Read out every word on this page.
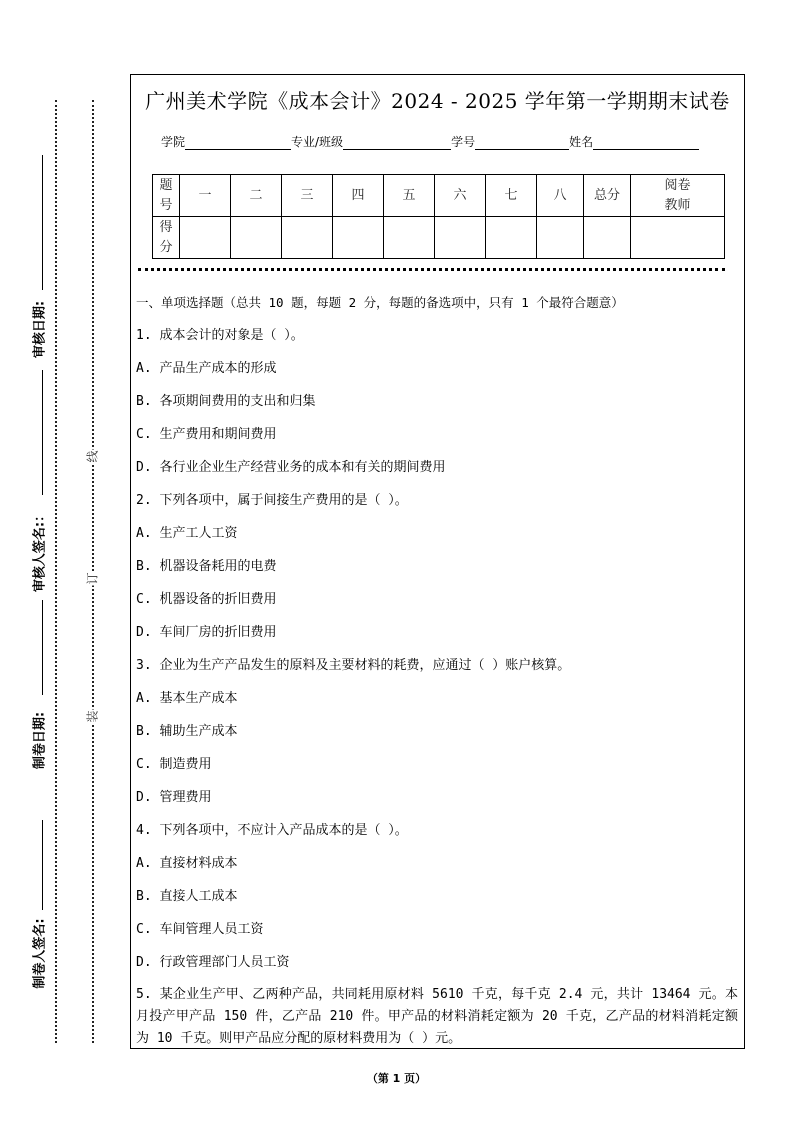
审核日期:
审核人签名:：
制卷日期:
制卷人签名:
线
订
装
广州美术学院《成本会计》2024 - 2025 学年第一学期期末试卷
学院	专业/班级	学号	姓名
题号	一	二	三	四	五	六	七	八	总分	阅卷教师
得分										
一、单项选择题（总共 10 题，每题 2 分，每题的备选项中，只有 1 个最符合题意）
1. 成本会计的对象是（ ）。
A. 产品生产成本的形成
B. 各项期间费用的支出和归集
C. 生产费用和期间费用
D. 各行业企业生产经营业务的成本和有关的期间费用
2. 下列各项中，属于间接生产费用的是（ ）。
A. 生产工人工资
B. 机器设备耗用的电费
C. 机器设备的折旧费用
D. 车间厂房的折旧费用
3. 企业为生产产品发生的原料及主要材料的耗费，应通过（ ）账户核算。
A. 基本生产成本
B. 辅助生产成本
C. 制造费用
D. 管理费用
4. 下列各项中，不应计入产品成本的是（ ）。
A. 直接材料成本
B. 直接人工成本
C. 车间管理人员工资
D. 行政管理部门人员工资
5. 某企业生产甲、乙两种产品，共同耗用原材料 5610 千克，每千克 2.4 元，共计 13464 元。本月投产甲产品 150 件，乙产品 210 件。甲产品的材料消耗定额为 20 千克，乙产品的材料消耗定额为 10 千克。则甲产品应分配的原材料费用为（ ）元。
（第 1 页）
